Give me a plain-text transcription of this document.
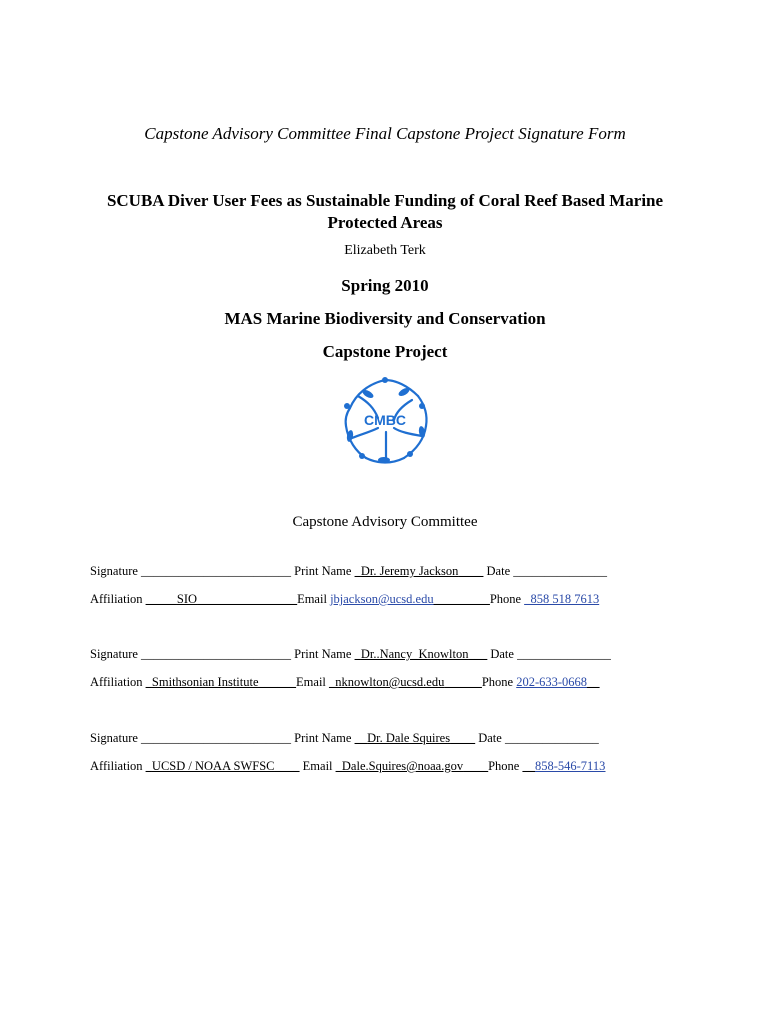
Capstone Advisory Committee Final Capstone Project Signature Form
SCUBA Diver User Fees as Sustainable Funding of Coral Reef Based Marine Protected Areas
Elizabeth Terk
Spring 2010
MAS Marine Biodiversity and Conservation
Capstone Project
CMBC
Capstone Advisory Committee
Signature ________________________ Print Name _Dr. Jeremy Jackson____ Date _______________
Affiliation _____SIO________________Email jbjackson@ucsd.edu_________Phone _858 518 7613
Signature ________________________ Print Name _Dr..Nancy_Knowlton___ Date _______________
Affiliation _Smithsonian Institute______Email _nknowlton@ucsd.edu______Phone 202-633-0668__
Signature ________________________ Print Name __Dr. Dale Squires____ Date _______________
Affiliation _UCSD / NOAA SWFSC____ Email _Dale.Squires@noaa.gov____Phone __858-546-7113
